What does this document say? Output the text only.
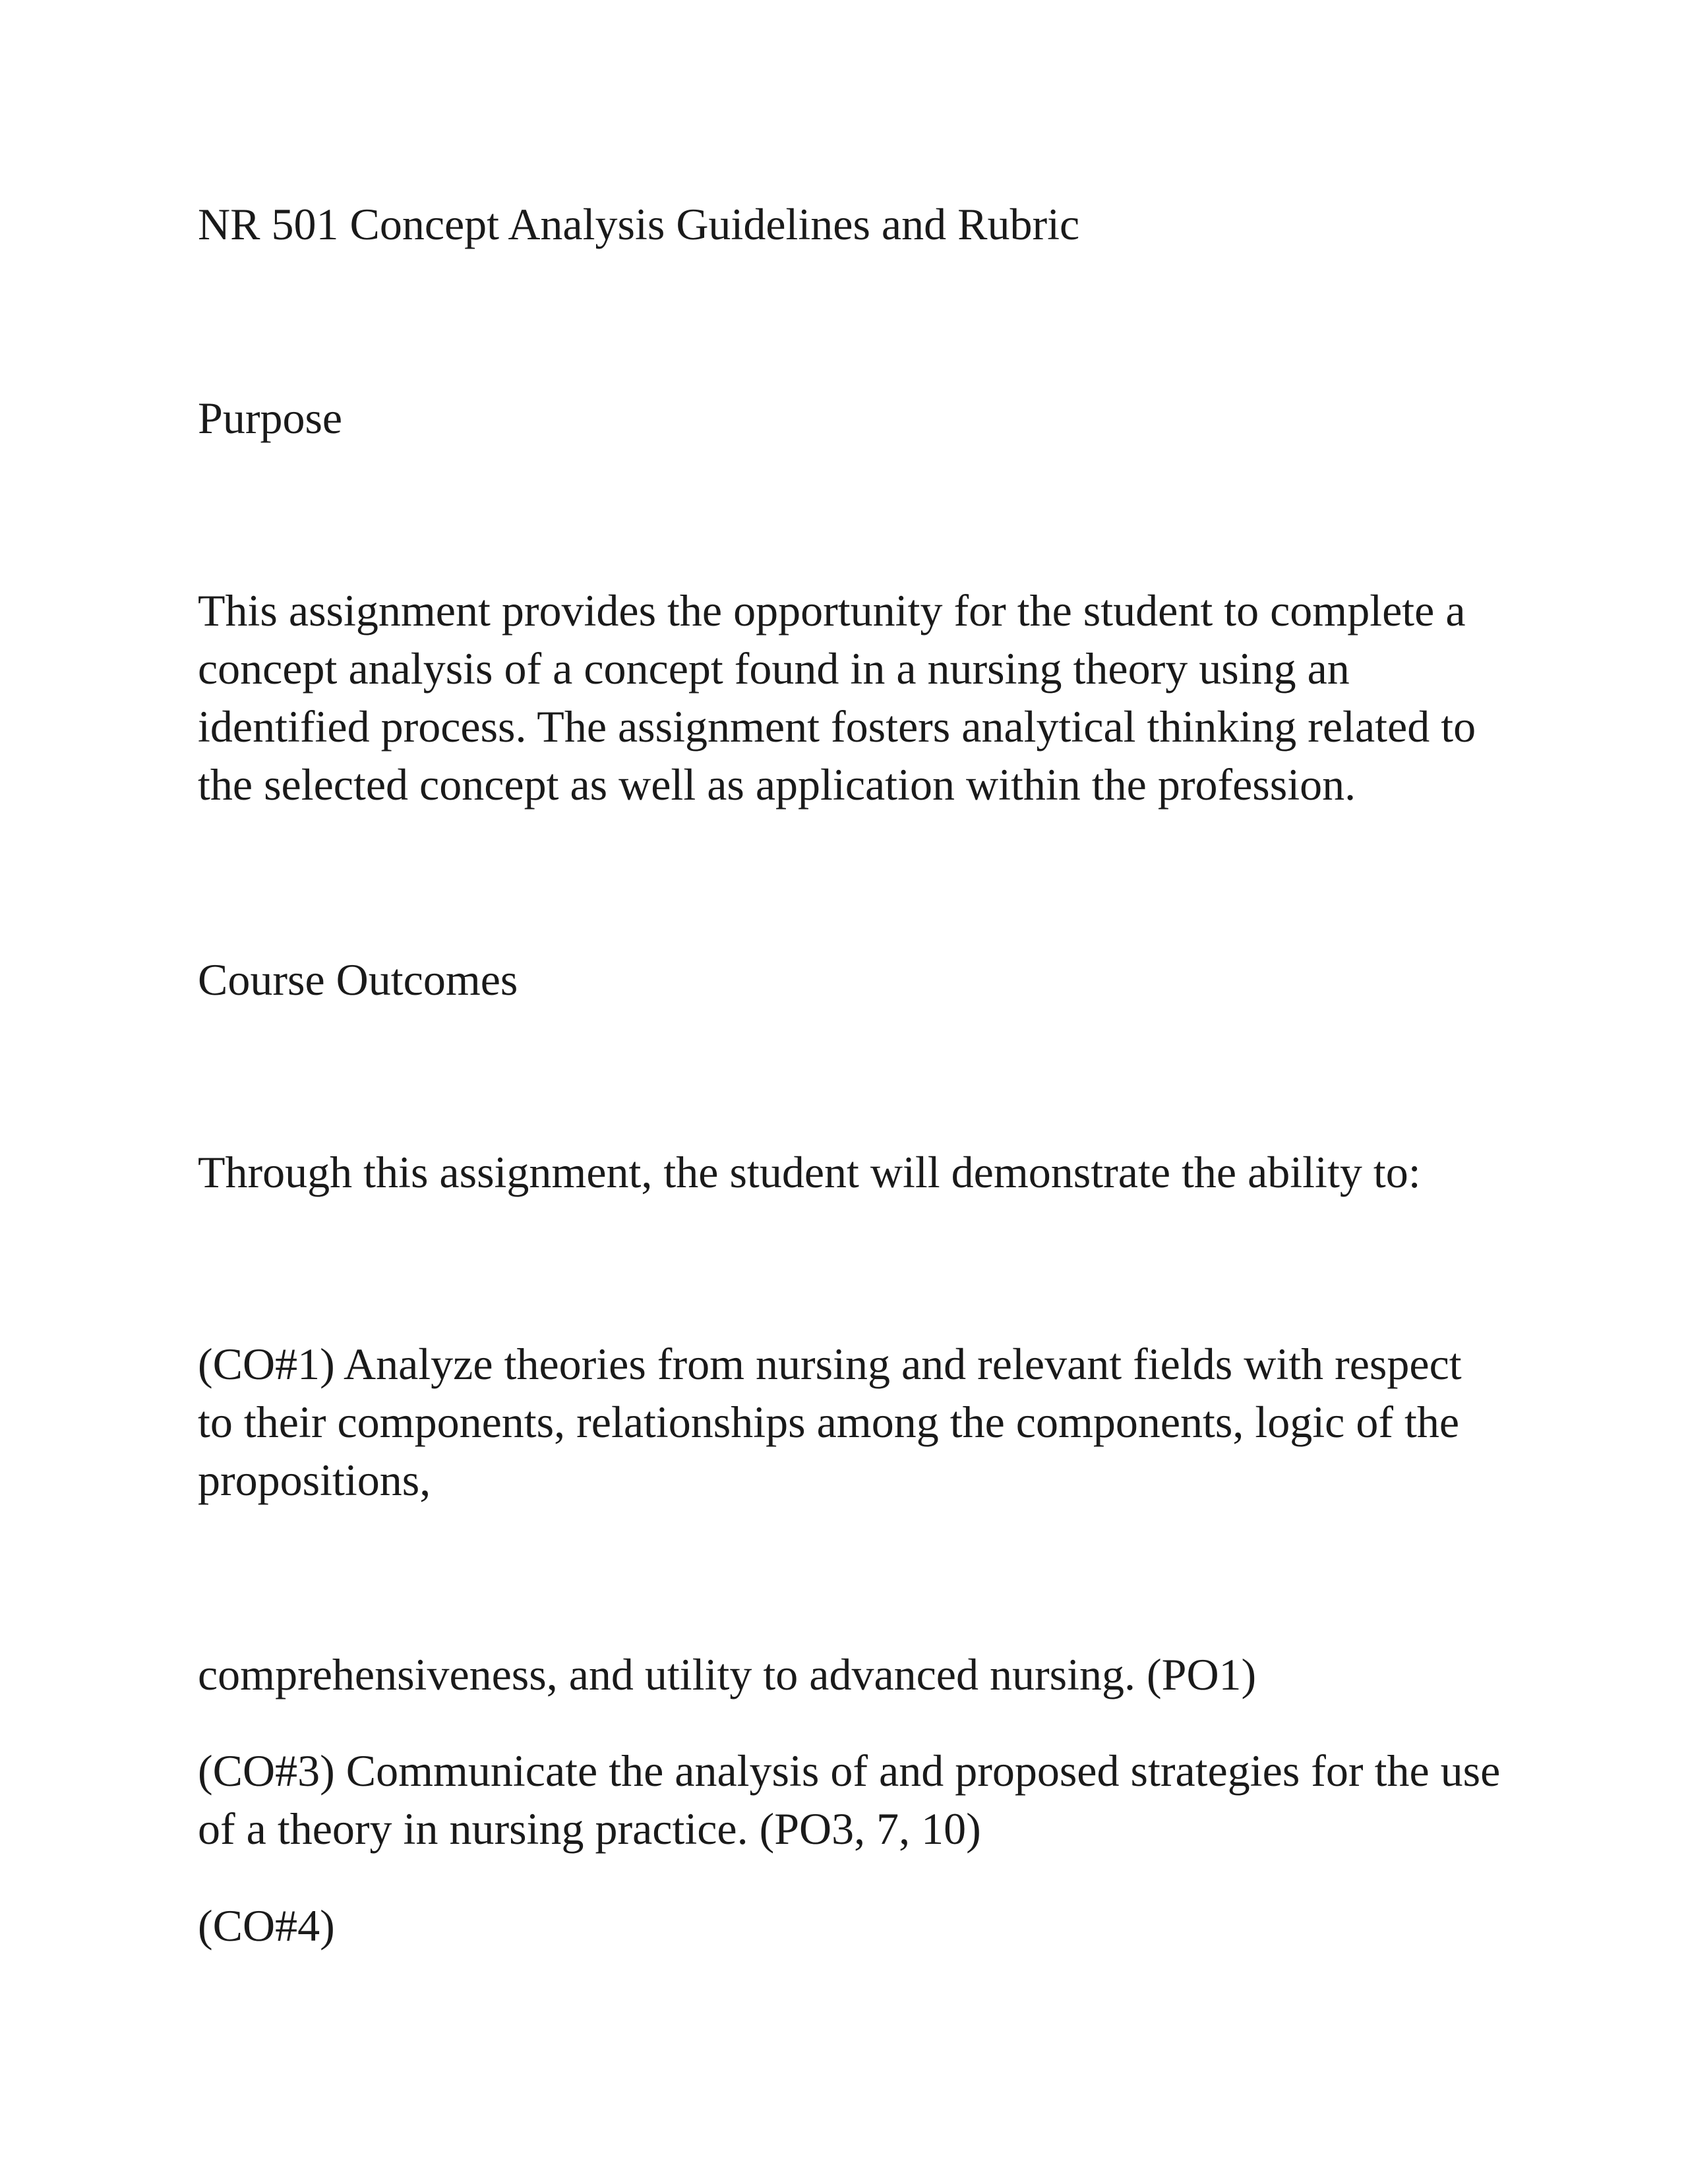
NR 501 Concept Analysis Guidelines and Rubric

Purpose

This assignment provides the opportunity for the student to complete a
concept analysis of a concept found in a nursing theory using an
identified process. The assignment fosters analytical thinking related to
the selected concept as well as application within the profession.

Course Outcomes

Through this assignment, the student will demonstrate the ability to:

(CO#1) Analyze theories from nursing and relevant fields with respect
to their components, relationships among the components, logic of the
propositions,

comprehensiveness, and utility to advanced nursing. (PO1)

(CO#3) Communicate the analysis of and proposed strategies for the use
of a theory in nursing practice. (PO3, 7, 10)

(CO#4)
